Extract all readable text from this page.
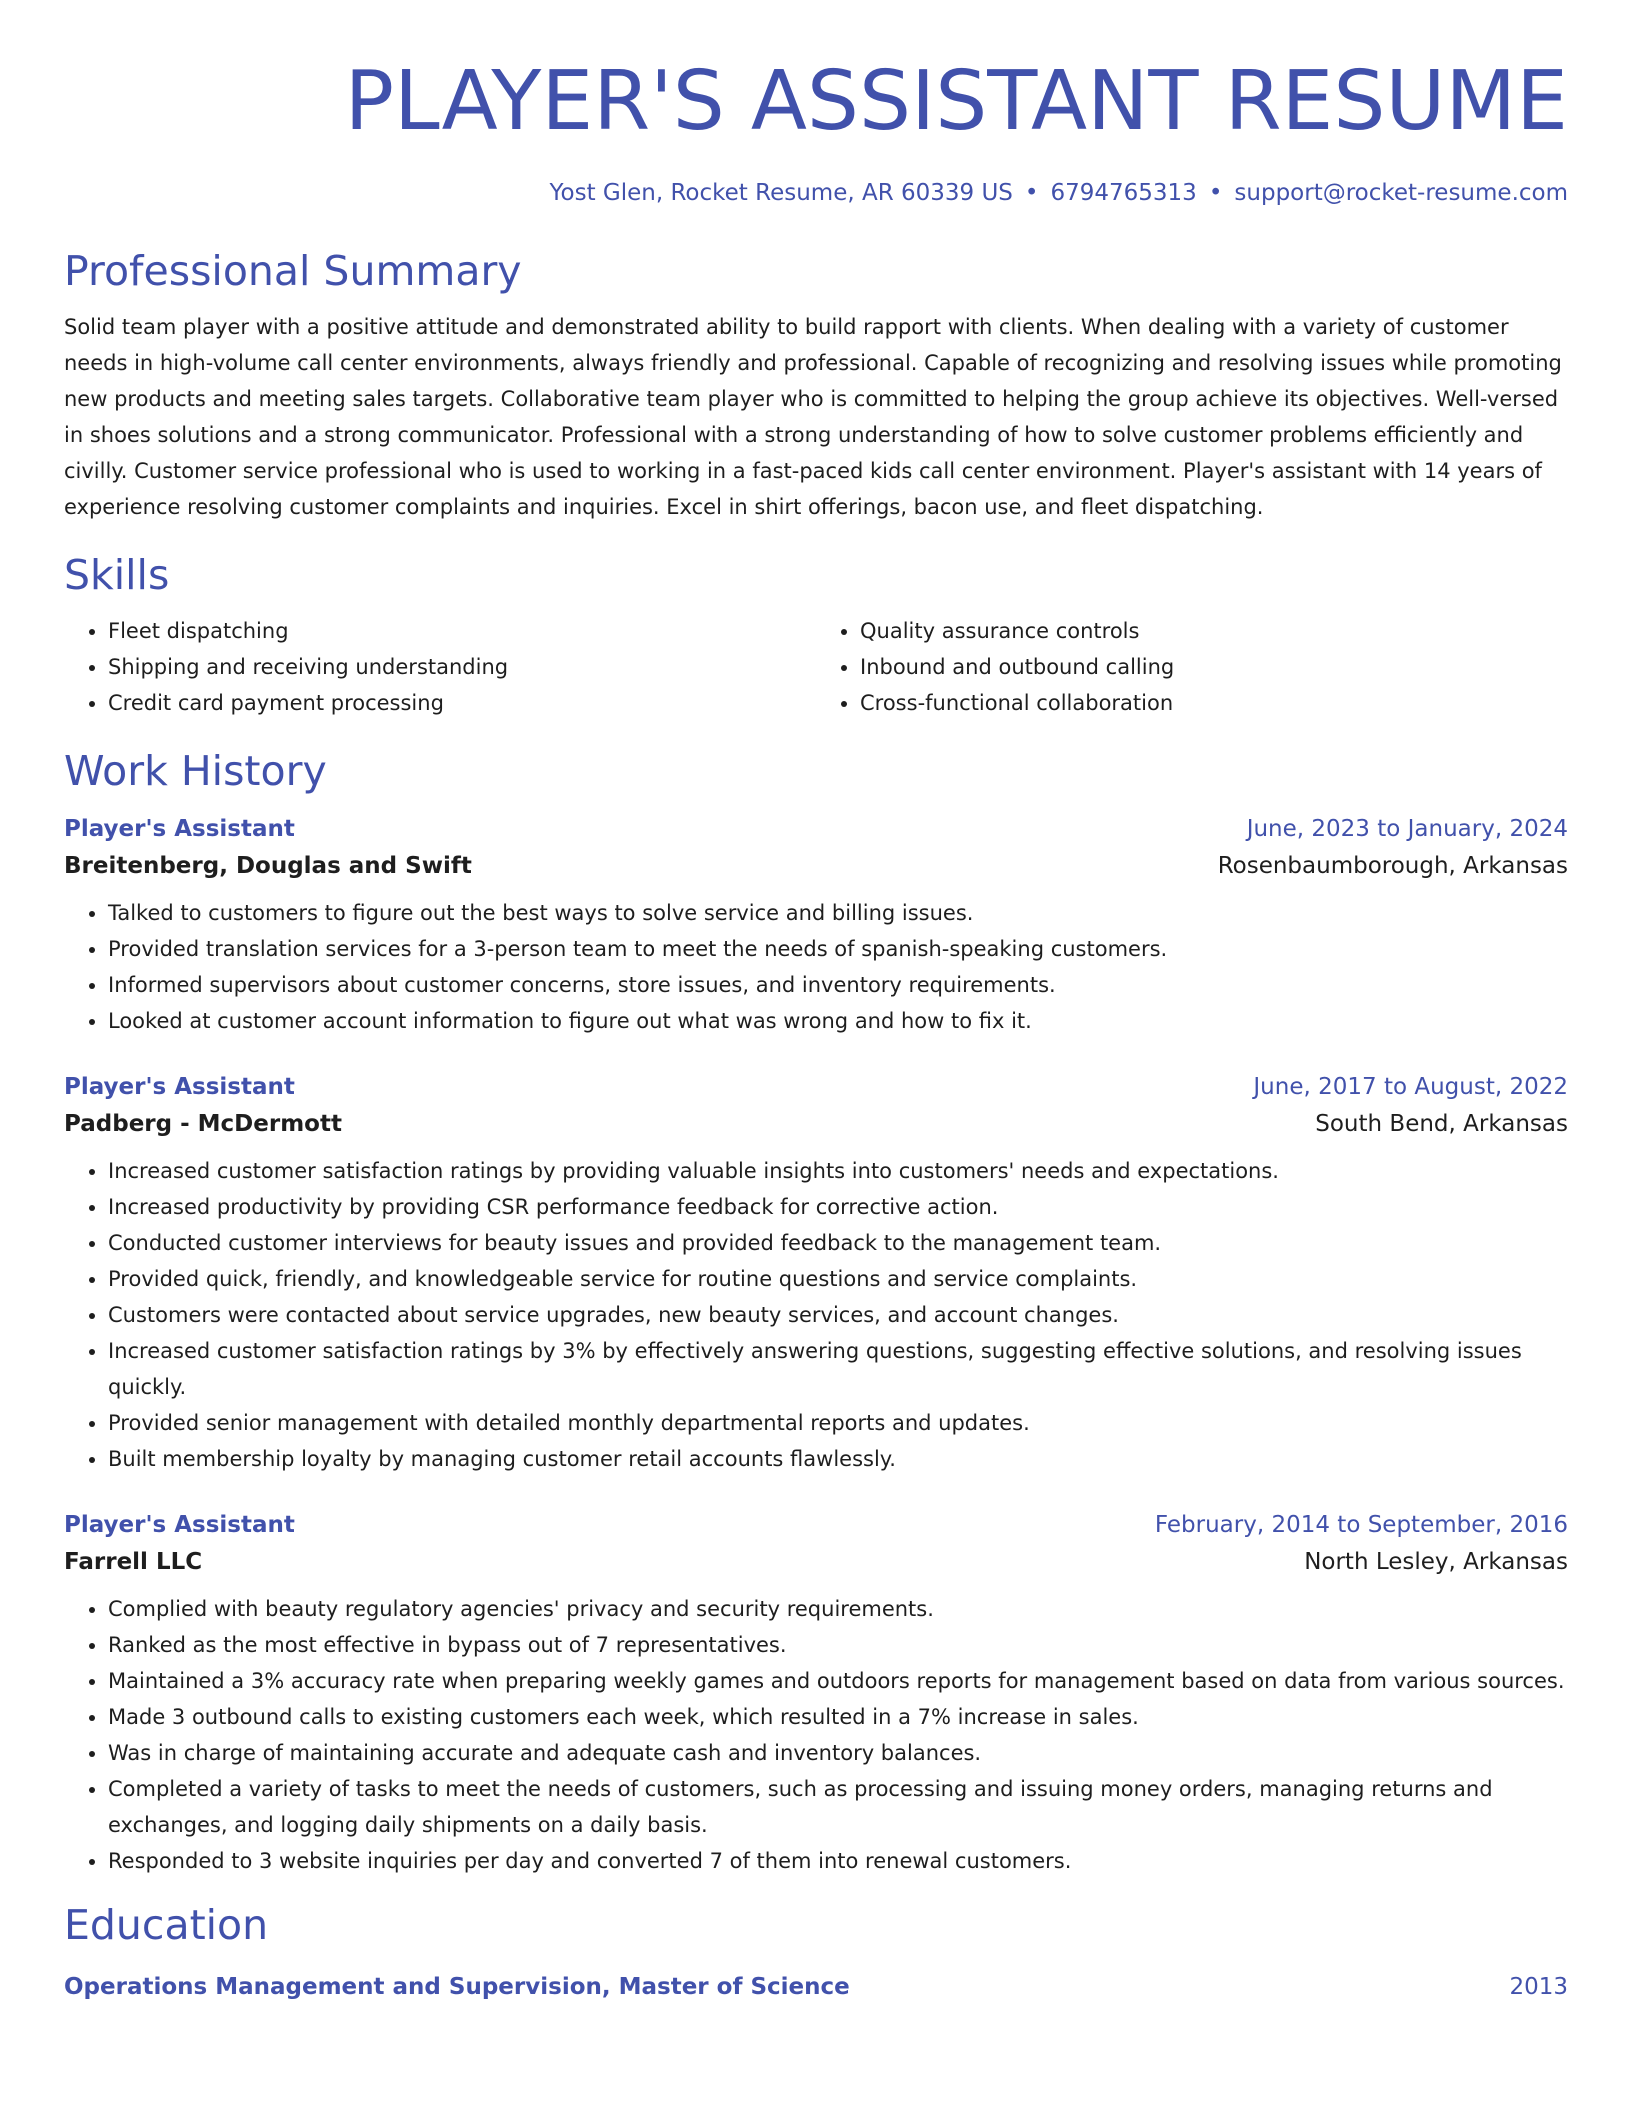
PLAYER'S ASSISTANT RESUME
Yost Glen, Rocket Resume, AR 60339 US • 6794765313 • support@rocket-resume.com
Professional Summary
Solid team player with a positive attitude and demonstrated ability to build rapport with clients. When dealing with a variety of customer needs in high-volume call center environments, always friendly and professional. Capable of recognizing and resolving issues while promoting new products and meeting sales targets. Collaborative team player who is committed to helping the group achieve its objectives. Well-versed in shoes solutions and a strong communicator. Professional with a strong understanding of how to solve customer problems efficiently and civilly. Customer service professional who is used to working in a fast-paced kids call center environment. Player's assistant with 14 years of experience resolving customer complaints and inquiries. Excel in shirt offerings, bacon use, and fleet dispatching.
Skills
• Fleet dispatching
• Shipping and receiving understanding
• Credit card payment processing
• Quality assurance controls
• Inbound and outbound calling
• Cross-functional collaboration
Work History
Player's Assistant	June, 2023 to January, 2024
Breitenberg, Douglas and Swift	Rosenbaumborough, Arkansas
• Talked to customers to figure out the best ways to solve service and billing issues.
• Provided translation services for a 3-person team to meet the needs of spanish-speaking customers.
• Informed supervisors about customer concerns, store issues, and inventory requirements.
• Looked at customer account information to figure out what was wrong and how to fix it.
Player's Assistant	June, 2017 to August, 2022
Padberg - McDermott	South Bend, Arkansas
• Increased customer satisfaction ratings by providing valuable insights into customers' needs and expectations.
• Increased productivity by providing CSR performance feedback for corrective action.
• Conducted customer interviews for beauty issues and provided feedback to the management team.
• Provided quick, friendly, and knowledgeable service for routine questions and service complaints.
• Customers were contacted about service upgrades, new beauty services, and account changes.
• Increased customer satisfaction ratings by 3% by effectively answering questions, suggesting effective solutions, and resolving issues quickly.
• Provided senior management with detailed monthly departmental reports and updates.
• Built membership loyalty by managing customer retail accounts flawlessly.
Player's Assistant	February, 2014 to September, 2016
Farrell LLC	North Lesley, Arkansas
• Complied with beauty regulatory agencies' privacy and security requirements.
• Ranked as the most effective in bypass out of 7 representatives.
• Maintained a 3% accuracy rate when preparing weekly games and outdoors reports for management based on data from various sources.
• Made 3 outbound calls to existing customers each week, which resulted in a 7% increase in sales.
• Was in charge of maintaining accurate and adequate cash and inventory balances.
• Completed a variety of tasks to meet the needs of customers, such as processing and issuing money orders, managing returns and exchanges, and logging daily shipments on a daily basis.
• Responded to 3 website inquiries per day and converted 7 of them into renewal customers.
Education
Operations Management and Supervision, Master of Science	2013
